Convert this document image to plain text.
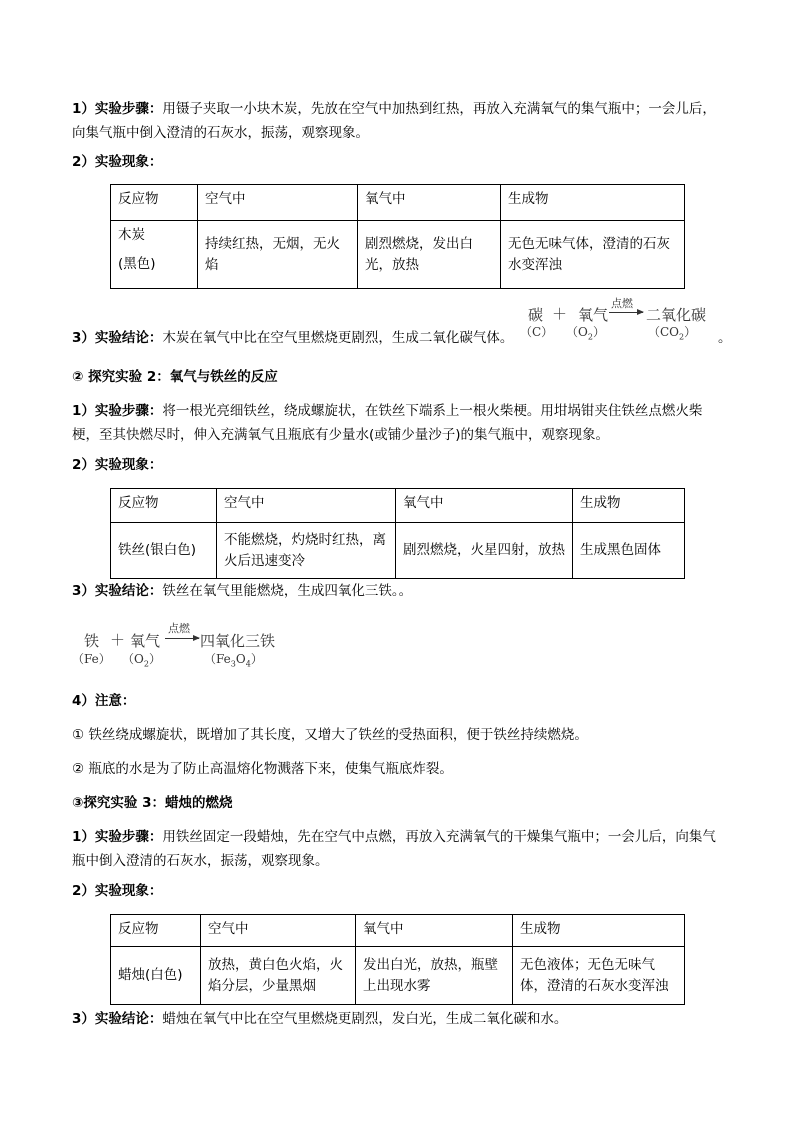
1）实验步骤：用镊子夹取一小块木炭，先放在空气中加热到红热，再放入充满氧气的集气瓶中；一会儿后，向集气瓶中倒入澄清的石灰水，振荡，观察现象。
2）实验现象：
反应物	空气中	氧气中	生成物

木炭
(黑色)	持续红热，无烟，无火焰	剧烈燃烧，发出白光，放热	无色无味气体，澄清的石灰水变浑浊
碳 ＋ 氧气
点燃
二氧化碳
（C） $(O_2)$	$(CO_2)$
3）实验结论：木炭在氧气中比在空气里燃烧更剧烈，生成二氧化碳气体。	。
② 探究实验 2：氧气与铁丝的反应
1）实验步骤：将一根光亮细铁丝，绕成螺旋状，在铁丝下端系上一根火柴梗。用坩埚钳夹住铁丝点燃火柴梗，至其快燃尽时，伸入充满氧气且瓶底有少量水(或铺少量沙子)的集气瓶中，观察现象。
2）实验现象：
反应物	空气中	氧气中	生成物
铁丝(银白色)	不能燃烧，灼烧时红热，离火后迅速变冷	剧烈燃烧，火星四射，放热	生成黑色固体
3）实验结论：铁丝在氧气里能燃烧，生成四氧化三铁。。
铁 ＋ 氧气
点燃
四氧化三铁
（Fe） $(O_2)$	$(Fe_3O_4)$
4）注意：
① 铁丝绕成螺旋状，既增加了其长度，又增大了铁丝的受热面积，便于铁丝持续燃烧。
② 瓶底的水是为了防止高温熔化物溅落下来，使集气瓶底炸裂。
③探究实验 3：蜡烛的燃烧
1）实验步骤：用铁丝固定一段蜡烛，先在空气中点燃，再放入充满氧气的干燥集气瓶中；一会儿后，向集气瓶中倒入澄清的石灰水，振荡，观察现象。
2）实验现象：
反应物	空气中	氧气中	生成物
蜡烛(白色)	放热，黄白色火焰，火焰分层，少量黑烟	发出白光，放热，瓶壁上出现水雾	无色液体；无色无味气体，澄清的石灰水变浑浊
3）实验结论：蜡烛在氧气中比在空气里燃烧更剧烈，发白光，生成二氧化碳和水。
